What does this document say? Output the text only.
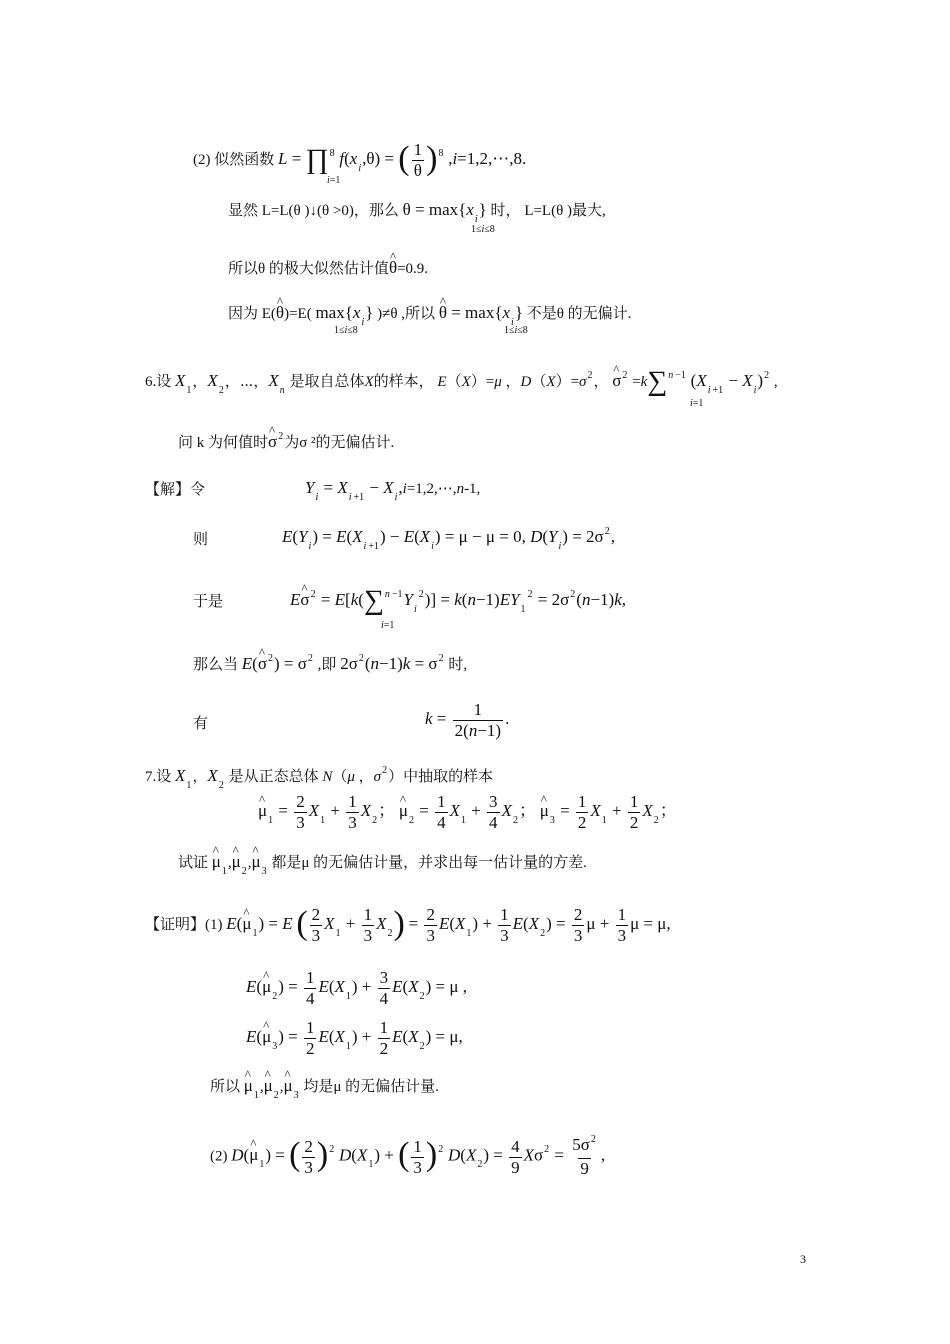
(2) 似然函数 L = ∏$^8$ $f(x_i,\theta)$ = ( $\frac{1}{\theta} )^8$ ,i=1,2,⋯,8.
i=1
显然 L=L(θ )↓(θ >0)，那么 $\theta = \max\{x_i\}$ 时， L=L(θ )最大,
1≤i≤8
所以θ 的极大似然估计值^ θ=0.9.
因为 E(^ θ)=E( $\max\{x_i\}$ )≠θ ,所以 ^ $\theta = \max\{x_i\}$ 不是θ 的无偏计.
1≤i≤8	1≤i≤8
6.设 $X_1$，$X_2$，⋯，$X_n$ 是取自总体X的样本， E（X）=μ ，$D(X)=\sigma^2$， ^ $\sigma^2 =k\sum^n$ $^{-1}$ ($X_i$ $_{+1} - X_i)^2$ ,
i=1
问 k 为何值时^ $\sigma^2$为σ ²的无偏估计.
【解】令	$Y_i = X_i$ $_{+1} - X_i,i=1,2,\cdots,n-1$,
则	$E(Y_i) = E(X_i$ $_{+1}) - E(X_i) = \mu - \mu = 0$, $D(Y_i) = 2\sigma^2$,
于是	E^ $\sigma^2 = E[k(\sum^n$ $^{-1}Y_i^2)] = k(n-1)EY_1^2 = 2\sigma^2(n-1)k$,
i=1
那么当 E(^ $\sigma^2) = \sigma^2$ ,即 $2\sigma^2(n-1)k = \sigma^2$ 时,
有	$k = \frac{1}{2(n-1)}$ .
7.设 $X_1$，$X_2$ 是从正态总体 N（μ ，$\sigma^2$）中抽取的样本
^ $\mu_1 = \frac{2}{3} X_1 + \frac{1}{3} X_2$； ^ $\mu_2 = \frac{1}{4} X_1 + \frac{3}{4} X_2$； ^ $\mu_3 = \frac{1}{2} X_1 + \frac{1}{2} X_2$；
试证 ^ $\mu_1,\^{}$ $\mu_2,\^{}$ $\mu_3$ 都是μ 的无偏估计量，并求出每一估计量的方差.
【证明】(1) E(^ $\mu_1) = E$ ( $\frac{2}{3} X_1 + \frac{1}{3} X_2) = \frac{2}{3} E(X_1) + \frac{1}{3} E(X_2) = \frac{2}{3}$ $\mu + \frac{1}{3}$ μ = μ,
E(^ $\mu_2) = \frac{1}{4} E(X_1) + \frac{3}{4} E(X_2) = \mu$ ,
E(^ $\mu_3) = \frac{1}{2} E(X_1) + \frac{1}{2} E(X_2) = \mu$,
所以 ^ $\mu_1,\^{}$ $\mu_2,\^{}$ $\mu_3$ 均是μ 的无偏估计量.
(2) D(^ $\mu_1$) = ( $\frac{2}{3} )^2$ $D(X_1)$ + ( $\frac{1}{3} )^2$ $D(X_2) = \frac{4}{9} X\sigma^2 = \frac{5\sigma^2}{9}$ ,
3
